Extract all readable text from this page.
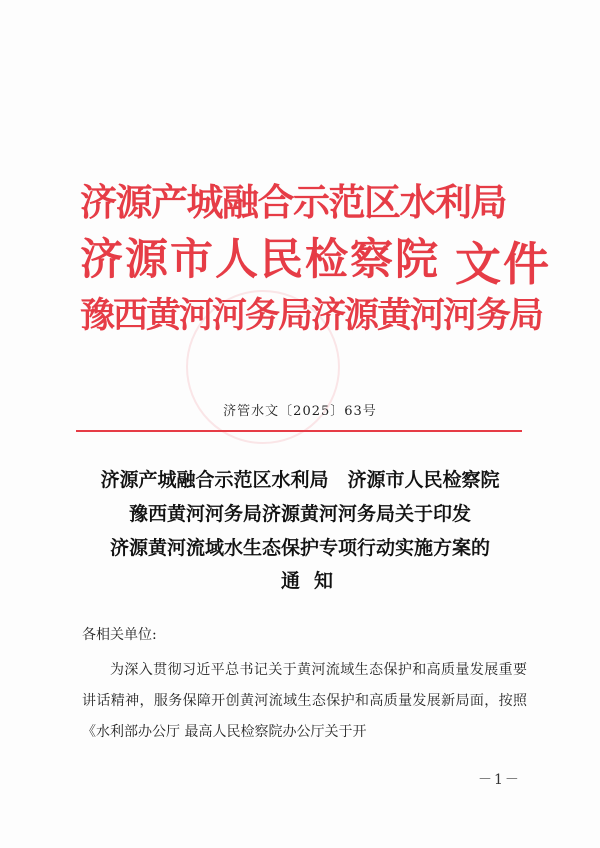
济源产城融合示范区水利局
济源市人民检察院
豫西黄河河务局济源黄河河务局
文件
济管水文〔2025〕63号
济源产城融合示范区水利局　济源市人民检察院
豫西黄河河务局济源黄河河务局关于印发
济源黄河流域水生态保护专项行动实施方案的
通知
各相关单位:
为深入贯彻习近平总书记关于黄河流域生态保护和高质量发展重要讲话精神，服务保障开创黄河流域生态保护和高质量发展新局面，按照《水利部办公厅 最高人民检察院办公厅关于开
－1－
